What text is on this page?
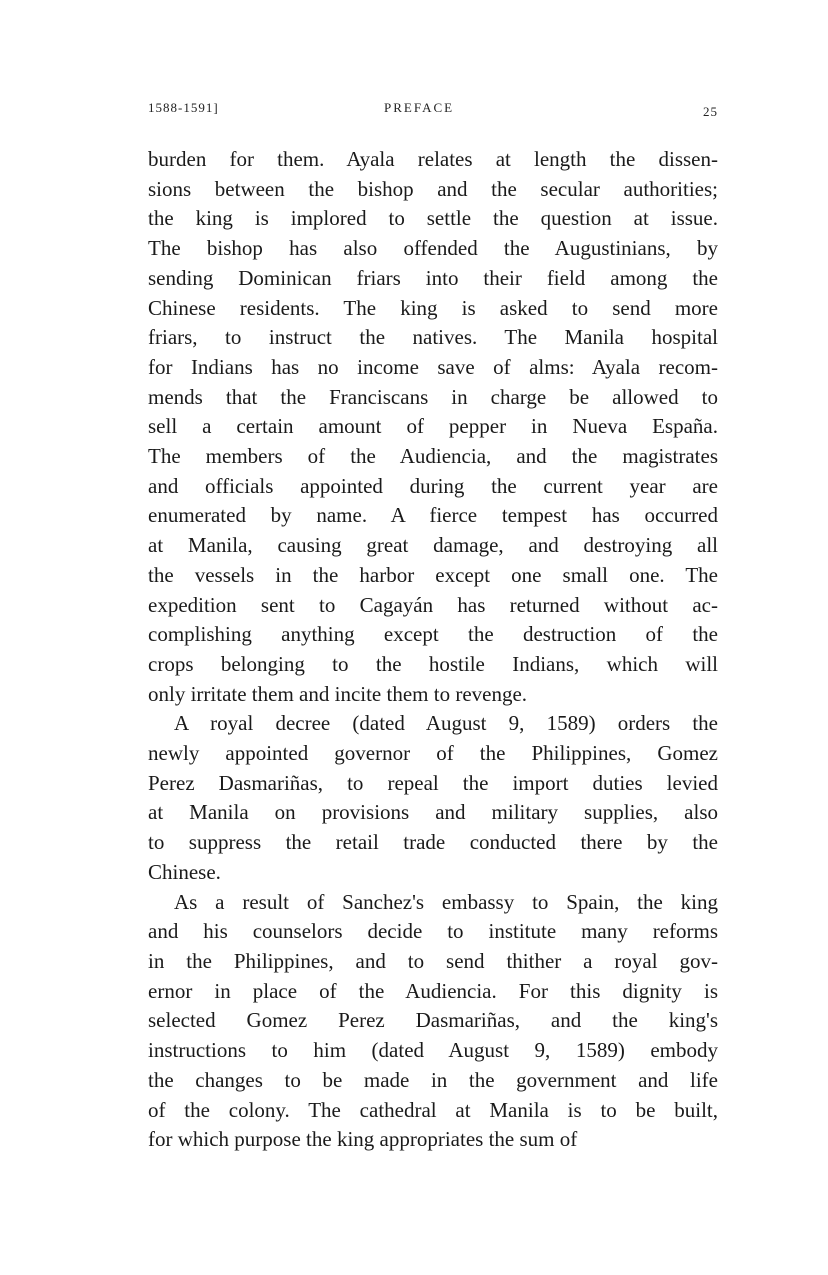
1588-1591]	PREFACE	25
burden for them. Ayala relates at length the dissen-
sions between the bishop and the secular authorities;
the king is implored to settle the question at issue.
The bishop has also offended the Augustinians, by
sending Dominican friars into their field among the
Chinese residents. The king is asked to send more
friars, to instruct the natives. The Manila hospital
for Indians has no income save of alms: Ayala recom-
mends that the Franciscans in charge be allowed to
sell a certain amount of pepper in Nueva España.
The members of the Audiencia, and the magistrates
and officials appointed during the current year are
enumerated by name. A fierce tempest has occurred
at Manila, causing great damage, and destroying all
the vessels in the harbor except one small one. The
expedition sent to Cagayán has returned without ac-
complishing anything except the destruction of the
crops belonging to the hostile Indians, which will
only irritate them and incite them to revenge.
A royal decree (dated August 9, 1589) orders the
newly appointed governor of the Philippines, Gomez
Perez Dasmariñas, to repeal the import duties levied
at Manila on provisions and military supplies, also
to suppress the retail trade conducted there by the
Chinese.
As a result of Sanchez's embassy to Spain, the king
and his counselors decide to institute many reforms
in the Philippines, and to send thither a royal gov-
ernor in place of the Audiencia. For this dignity is
selected Gomez Perez Dasmariñas, and the king's
instructions to him (dated August 9, 1589) embody
the changes to be made in the government and life
of the colony. The cathedral at Manila is to be built,
for which purpose the king appropriates the sum of
